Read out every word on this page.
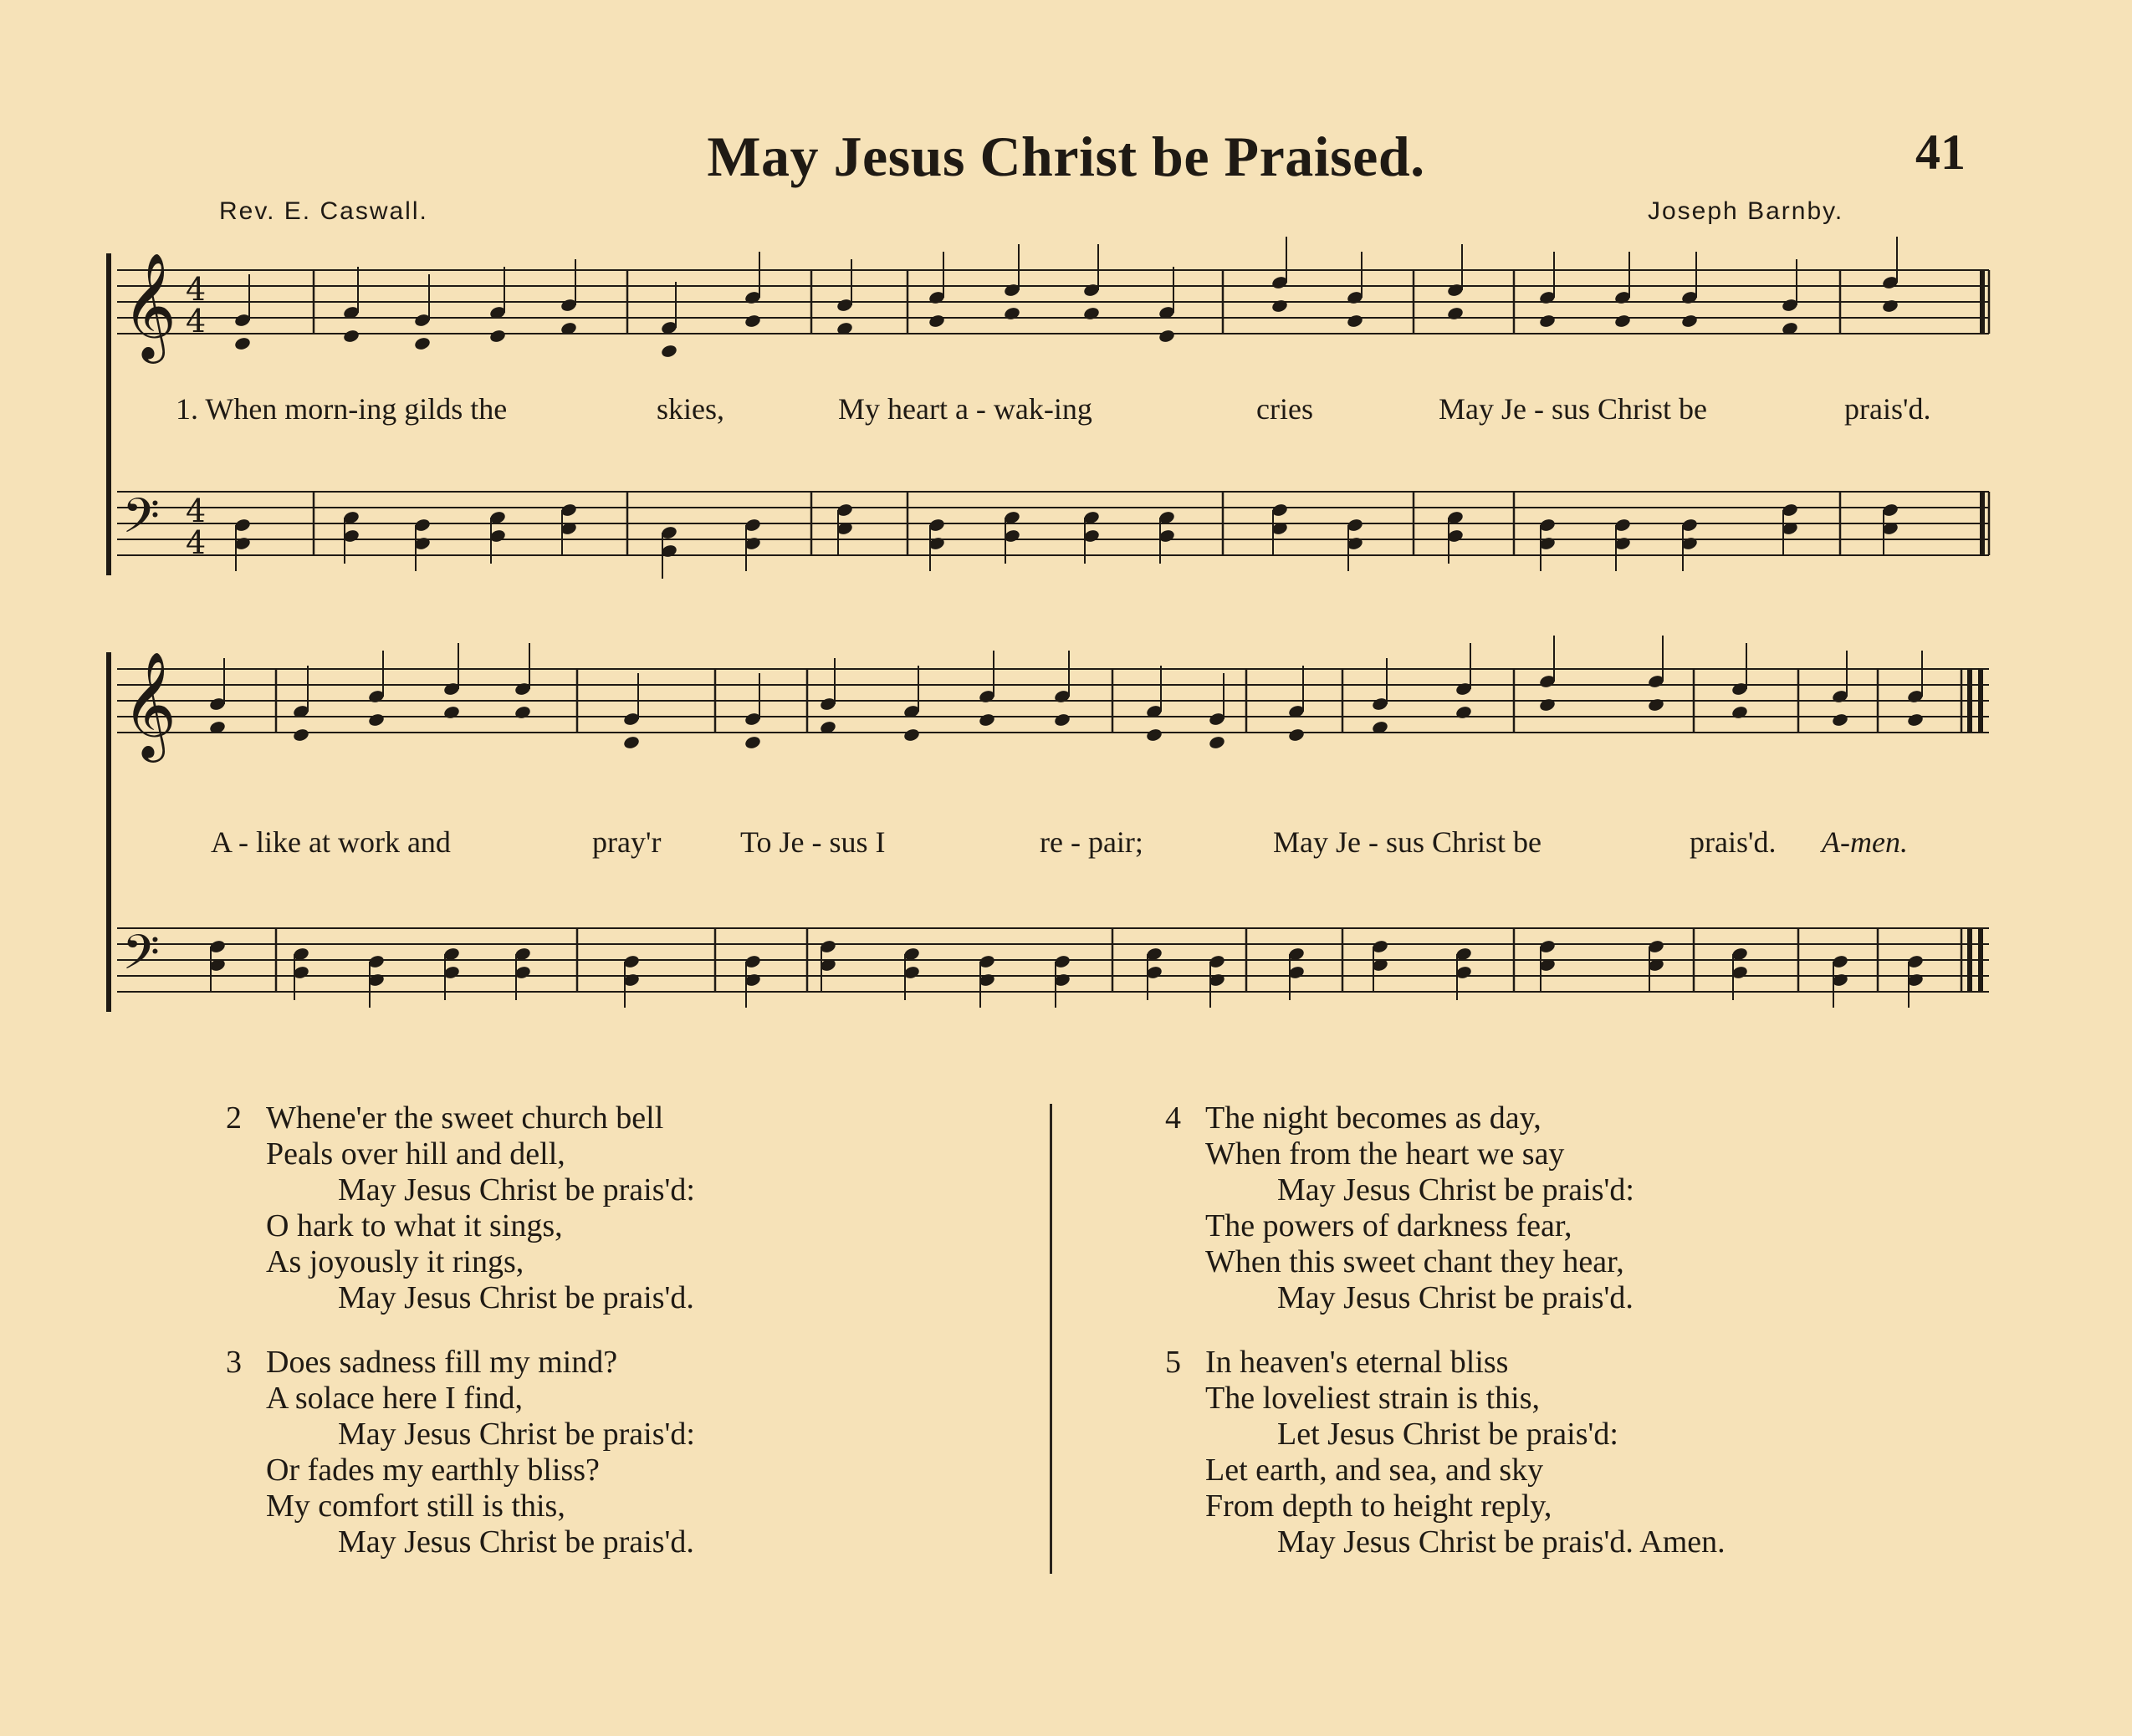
May Jesus Christ be Praised.	41
Rev. E. Caswall.	Joseph Barnby.
𝄞
𝄞
𝄢
𝄢
4
4
4
4
1. When morn-ing gilds the	skies,	My heart a - wak-ing	cries	May Je - sus Christ be	prais'd.
A - like at work and	pray'r	To Je - sus I	re - pair;	May Je - sus Christ be	prais'd. A-men.
2 Whene'er the sweet church bell
Peals over hill and dell,
May Jesus Christ be prais'd:
O hark to what it sings,
As joyously it rings,
May Jesus Christ be prais'd.
3 Does sadness fill my mind?
A solace here I find,
May Jesus Christ be prais'd:
Or fades my earthly bliss?
My comfort still is this,
May Jesus Christ be prais'd.
4 The night becomes as day,
When from the heart we say
May Jesus Christ be prais'd:
The powers of darkness fear,
When this sweet chant they hear,
May Jesus Christ be prais'd.
5 In heaven's eternal bliss
The loveliest strain is this,
Let Jesus Christ be prais'd:
Let earth, and sea, and sky
From depth to height reply,
May Jesus Christ be prais'd. Amen.
